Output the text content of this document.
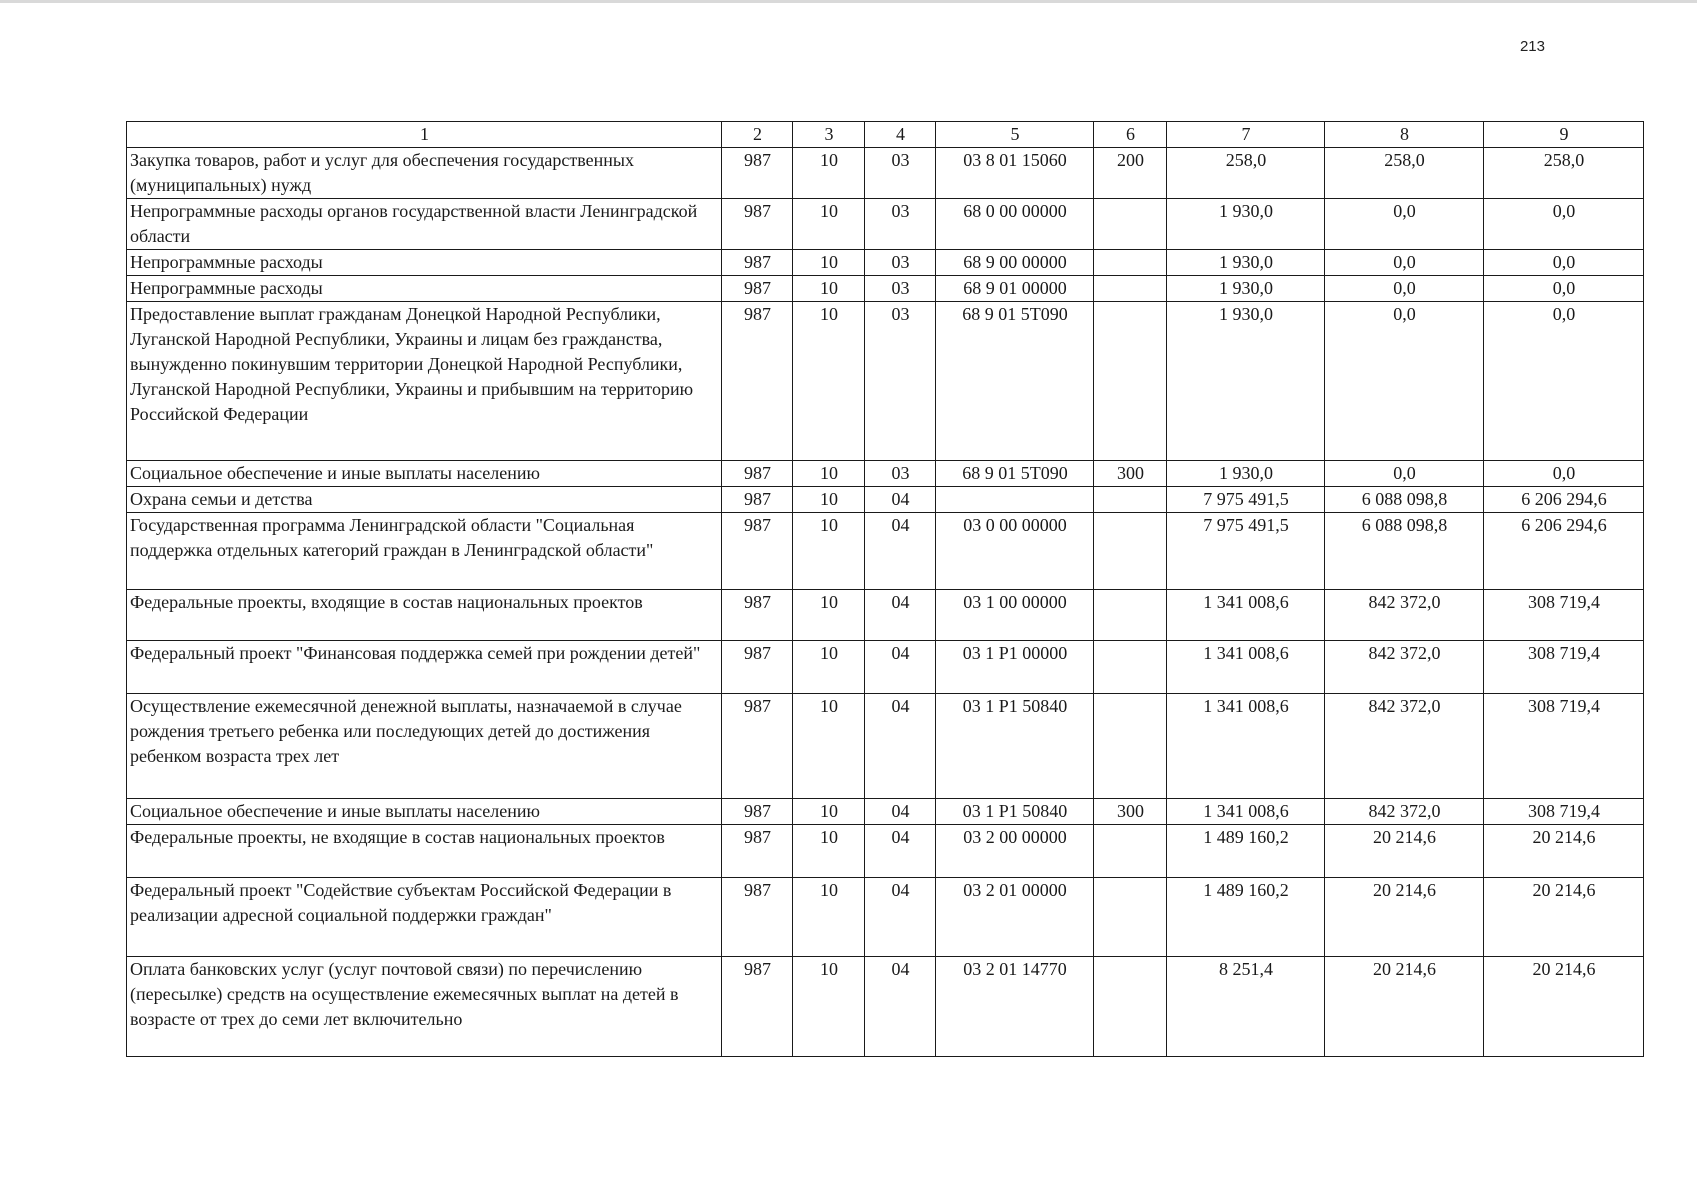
213
1	2	3	4	5	6	7	8	9
Закупка товаров, работ и услуг для обеспечения государственных (муниципальных) нужд	987	10	03	03 8 01 15060	200	258,0	258,0	258,0
Непрограммные расходы органов государственной власти Ленинградской области	987	10	03	68 0 00 00000		1 930,0	0,0	0,0
Непрограммные расходы	987	10	03	68 9 00 00000		1 930,0	0,0	0,0
Непрограммные расходы	987	10	03	68 9 01 00000		1 930,0	0,0	0,0
Предоставление выплат гражданам Донецкой Народной Республики, Луганской Народной Республики, Украины и лицам без гражданства, вынужденно покинувшим территории Донецкой Народной Республики, Луганской Народной Республики, Украины и прибывшим на территорию Российской Федерации	987	10	03	68 9 01 5Т090		1 930,0	0,0	0,0
Социальное обеспечение и иные выплаты населению	987	10	03	68 9 01 5Т090	300	1 930,0	0,0	0,0
Охрана семьи и детства	987	10	04			7 975 491,5	6 088 098,8	6 206 294,6
Государственная программа Ленинградской области "Социальная поддержка отдельных категорий граждан в Ленинградской области"	987	10	04	03 0 00 00000		7 975 491,5	6 088 098,8	6 206 294,6
Федеральные проекты, входящие в состав национальных проектов	987	10	04	03 1 00 00000		1 341 008,6	842 372,0	308 719,4
Федеральный проект "Финансовая поддержка семей при рождении детей"	987	10	04	03 1 P1 00000		1 341 008,6	842 372,0	308 719,4
Осуществление ежемесячной денежной выплаты, назначаемой в случае рождения третьего ребенка или последующих детей до достижения ребенком возраста трех лет	987	10	04	03 1 P1 50840		1 341 008,6	842 372,0	308 719,4
Социальное обеспечение и иные выплаты населению	987	10	04	03 1 P1 50840	300	1 341 008,6	842 372,0	308 719,4
Федеральные проекты, не входящие в состав национальных проектов	987	10	04	03 2 00 00000		1 489 160,2	20 214,6	20 214,6
Федеральный проект "Содействие субъектам Российской Федерации в реализации адресной социальной поддержки граждан"	987	10	04	03 2 01 00000		1 489 160,2	20 214,6	20 214,6
Оплата банковских услуг (услуг почтовой связи) по перечислению (пересылке) средств на осуществление ежемесячных выплат на детей в возрасте от трех до семи лет включительно	987	10	04	03 2 01 14770		8 251,4	20 214,6	20 214,6
